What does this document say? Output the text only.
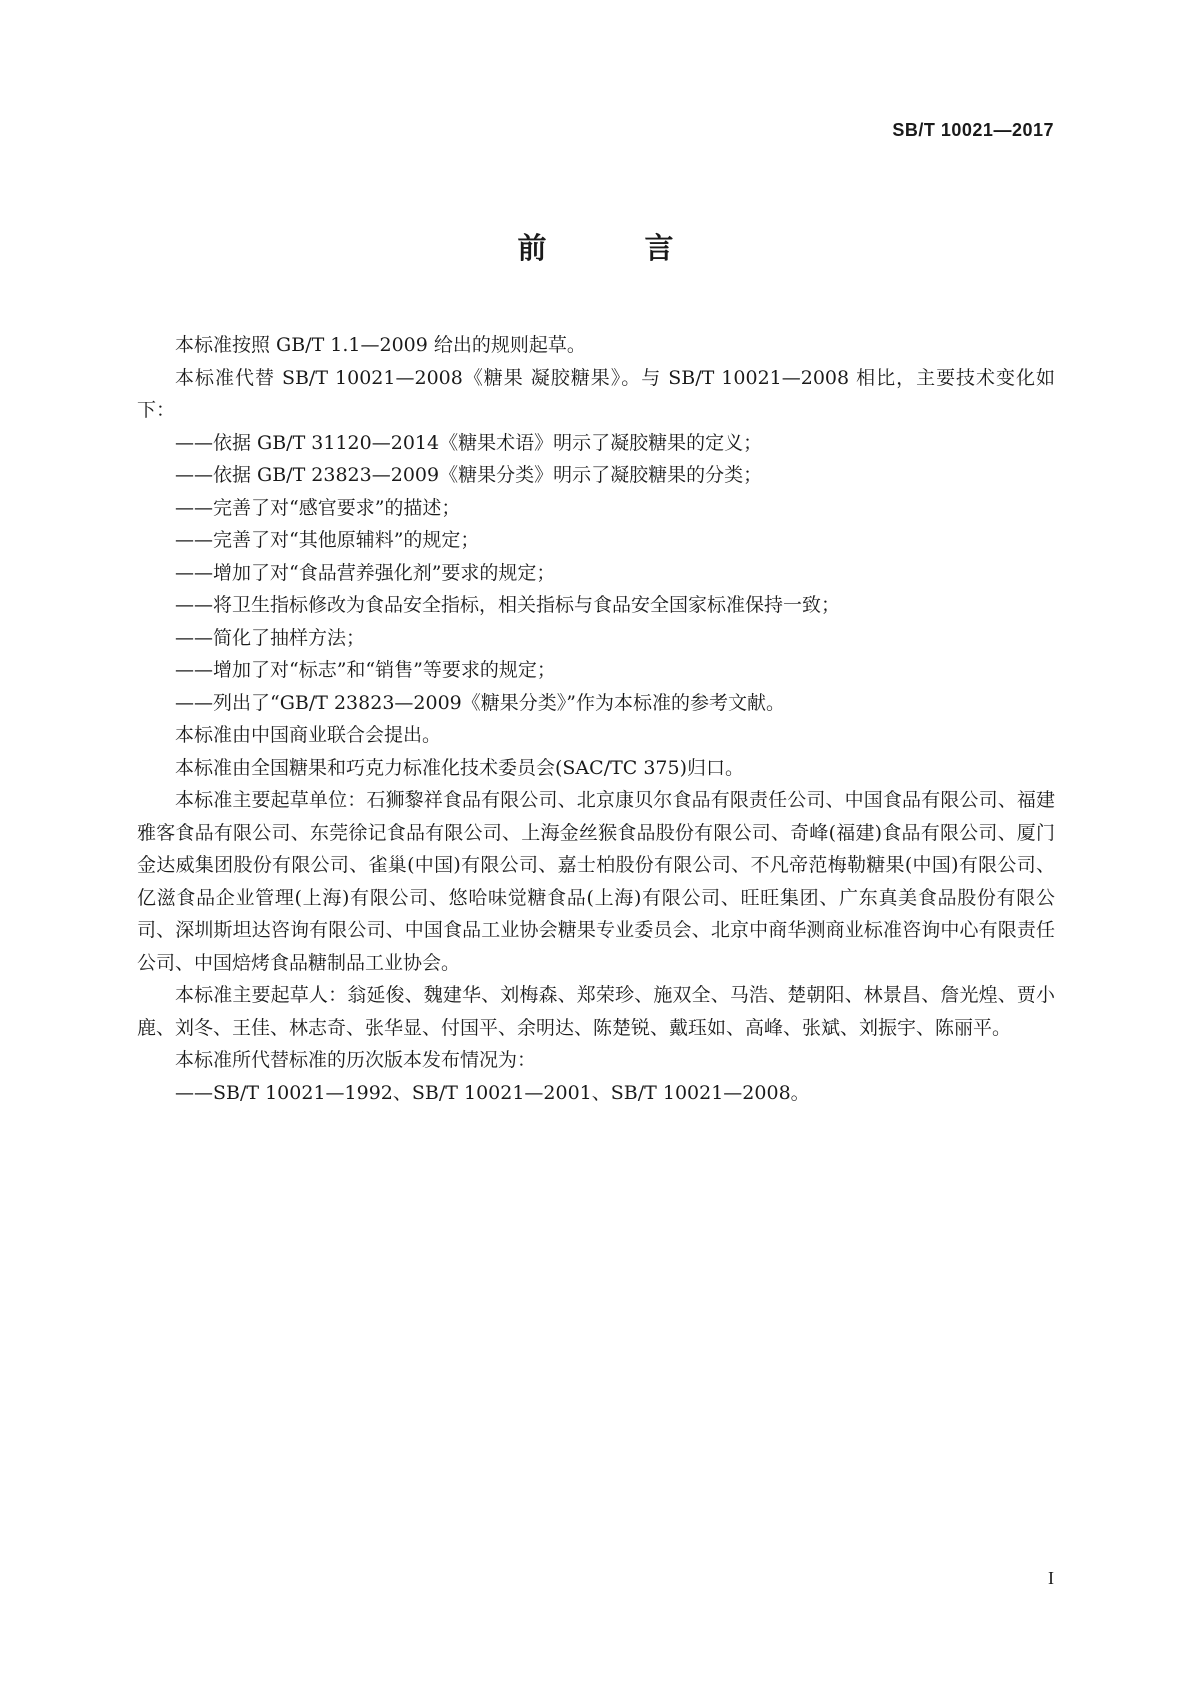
SB/T 10021—2017
前 言

本标准按照 GB/T 1.1—2009 给出的规则起草。

本标准代替 SB/T 10021—2008《糖果 凝胶糖果》。与 SB/T 10021—2008 相比，主要技术变化如下：

——依据 GB/T 31120—2014《糖果术语》明示了凝胶糖果的定义；

——依据 GB/T 23823—2009《糖果分类》明示了凝胶糖果的分类；

——完善了对“感官要求”的描述；

——完善了对“其他原辅料”的规定；

——增加了对“食品营养强化剂”要求的规定；

——将卫生指标修改为食品安全指标，相关指标与食品安全国家标准保持一致；

——简化了抽样方法；

——增加了对“标志”和“销售”等要求的规定；

——列出了“GB/T 23823—2009《糖果分类》”作为本标准的参考文献。

本标准由中国商业联合会提出。

本标准由全国糖果和巧克力标准化技术委员会(SAC/TC 375)归口。

本标准主要起草单位：石狮黎祥食品有限公司、北京康贝尔食品有限责任公司、中国食品有限公司、福建雅客食品有限公司、东莞徐记食品有限公司、上海金丝猴食品股份有限公司、奇峰(福建)食品有限公司、厦门金达威集团股份有限公司、雀巢(中国)有限公司、嘉士柏股份有限公司、不凡帝范梅勒糖果(中国)有限公司、亿滋食品企业管理(上海)有限公司、悠哈味觉糖食品(上海)有限公司、旺旺集团、广东真美食品股份有限公司、深圳斯坦达咨询有限公司、中国食品工业协会糖果专业委员会、北京中商华测商业标准咨询中心有限责任公司、中国焙烤食品糖制品工业协会。

本标准主要起草人：翁延俊、魏建华、刘梅森、郑荣珍、施双全、马浩、楚朝阳、林景昌、詹光煌、贾小鹿、刘冬、王佳、林志奇、张华显、付国平、余明达、陈楚锐、戴珏如、高峰、张斌、刘振宇、陈丽平。

本标准所代替标准的历次版本发布情况为：

——SB/T 10021—1992、SB/T 10021—2001、SB/T 10021—2008。

I
